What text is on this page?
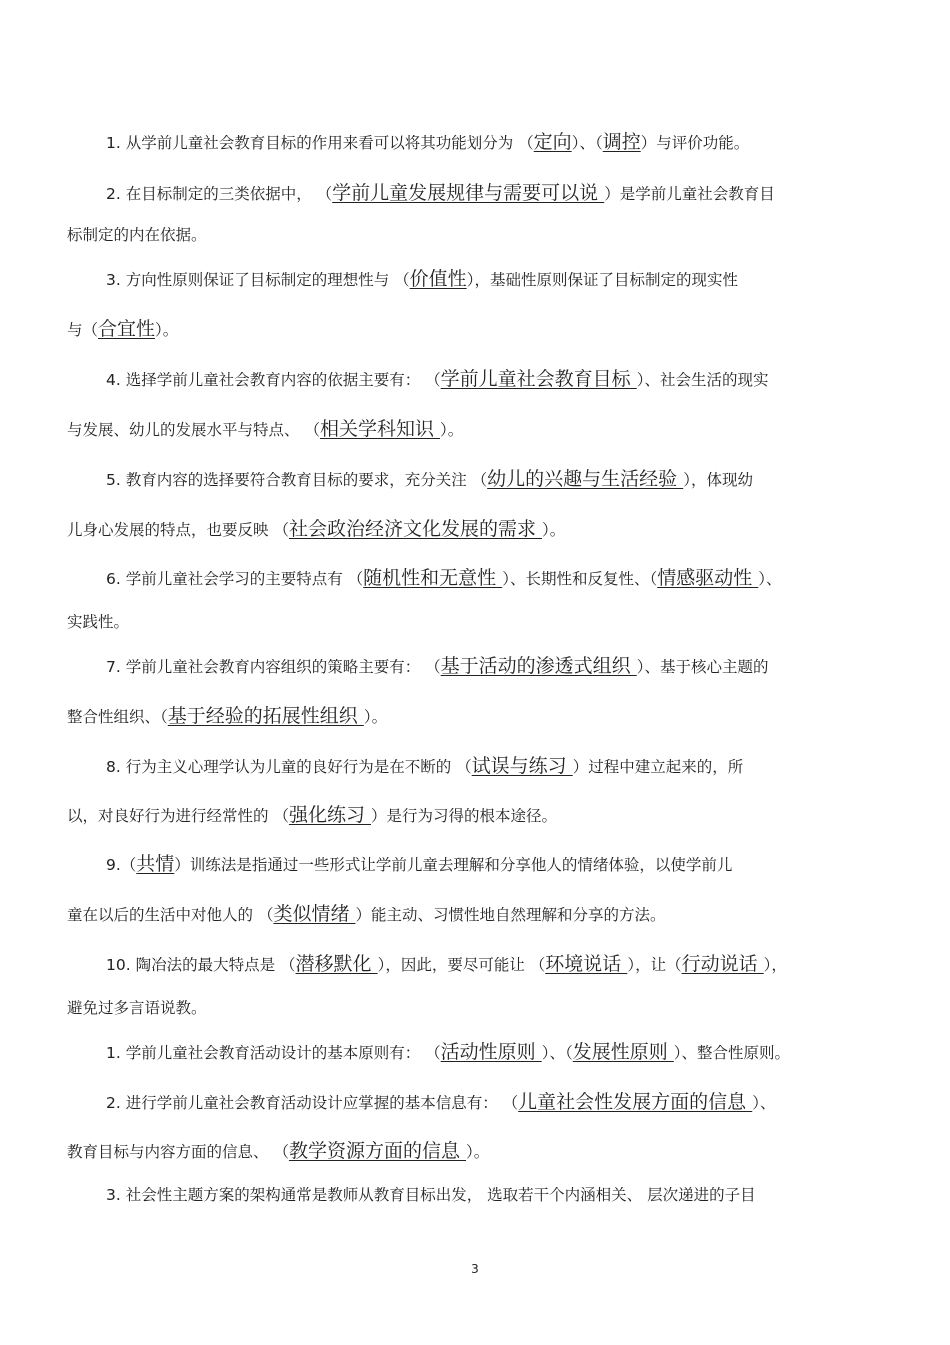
1. 从学前儿童社会教育目标的作用来看可以将其功能划分为 （定向）、（调控）与评价功能。
2. 在目标制定的三类依据中， （学前儿童发展规律与需要可以说 ）是学前儿童社会教育目
标制定的内在依据。
3. 方向性原则保证了目标制定的理想性与 （价值性），基础性原则保证了目标制定的现实性
与（合宜性）。
4. 选择学前儿童社会教育内容的依据主要有： （学前儿童社会教育目标 ）、社会生活的现实
与发展、幼儿的发展水平与特点、 （相关学科知识 ）。
5. 教育内容的选择要符合教育目标的要求，充分关注 （幼儿的兴趣与生活经验 ），体现幼
儿身心发展的特点，也要反映 （社会政治经济文化发展的需求 ）。
6. 学前儿童社会学习的主要特点有 （随机性和无意性 ）、长期性和反复性、（情感驱动性 ）、
实践性。
7. 学前儿童社会教育内容组织的策略主要有： （基于活动的渗透式组织 ）、基于核心主题的
整合性组织、（基于经验的拓展性组织 ）。
8. 行为主义心理学认为儿童的良好行为是在不断的 （试误与练习 ）过程中建立起来的，所
以，对良好行为进行经常性的 （强化练习 ）是行为习得的根本途径。
9.（共情）训练法是指通过一些形式让学前儿童去理解和分享他人的情绪体验，以使学前儿
童在以后的生活中对他人的 （类似情绪 ）能主动、习惯性地自然理解和分享的方法。
10. 陶冶法的最大特点是 （潜移默化 ），因此，要尽可能让 （环境说话 ），让（行动说话 ），
避免过多言语说教。
1. 学前儿童社会教育活动设计的基本原则有： （活动性原则 ）、（发展性原则 ）、整合性原则。
2. 进行学前儿童社会教育活动设计应掌握的基本信息有： （儿童社会性发展方面的信息 ）、
教育目标与内容方面的信息、 （教学资源方面的信息 ）。
3. 社会性主题方案的架构通常是教师从教育目标出发， 选取若干个内涵相关、 层次递进的子目
3
